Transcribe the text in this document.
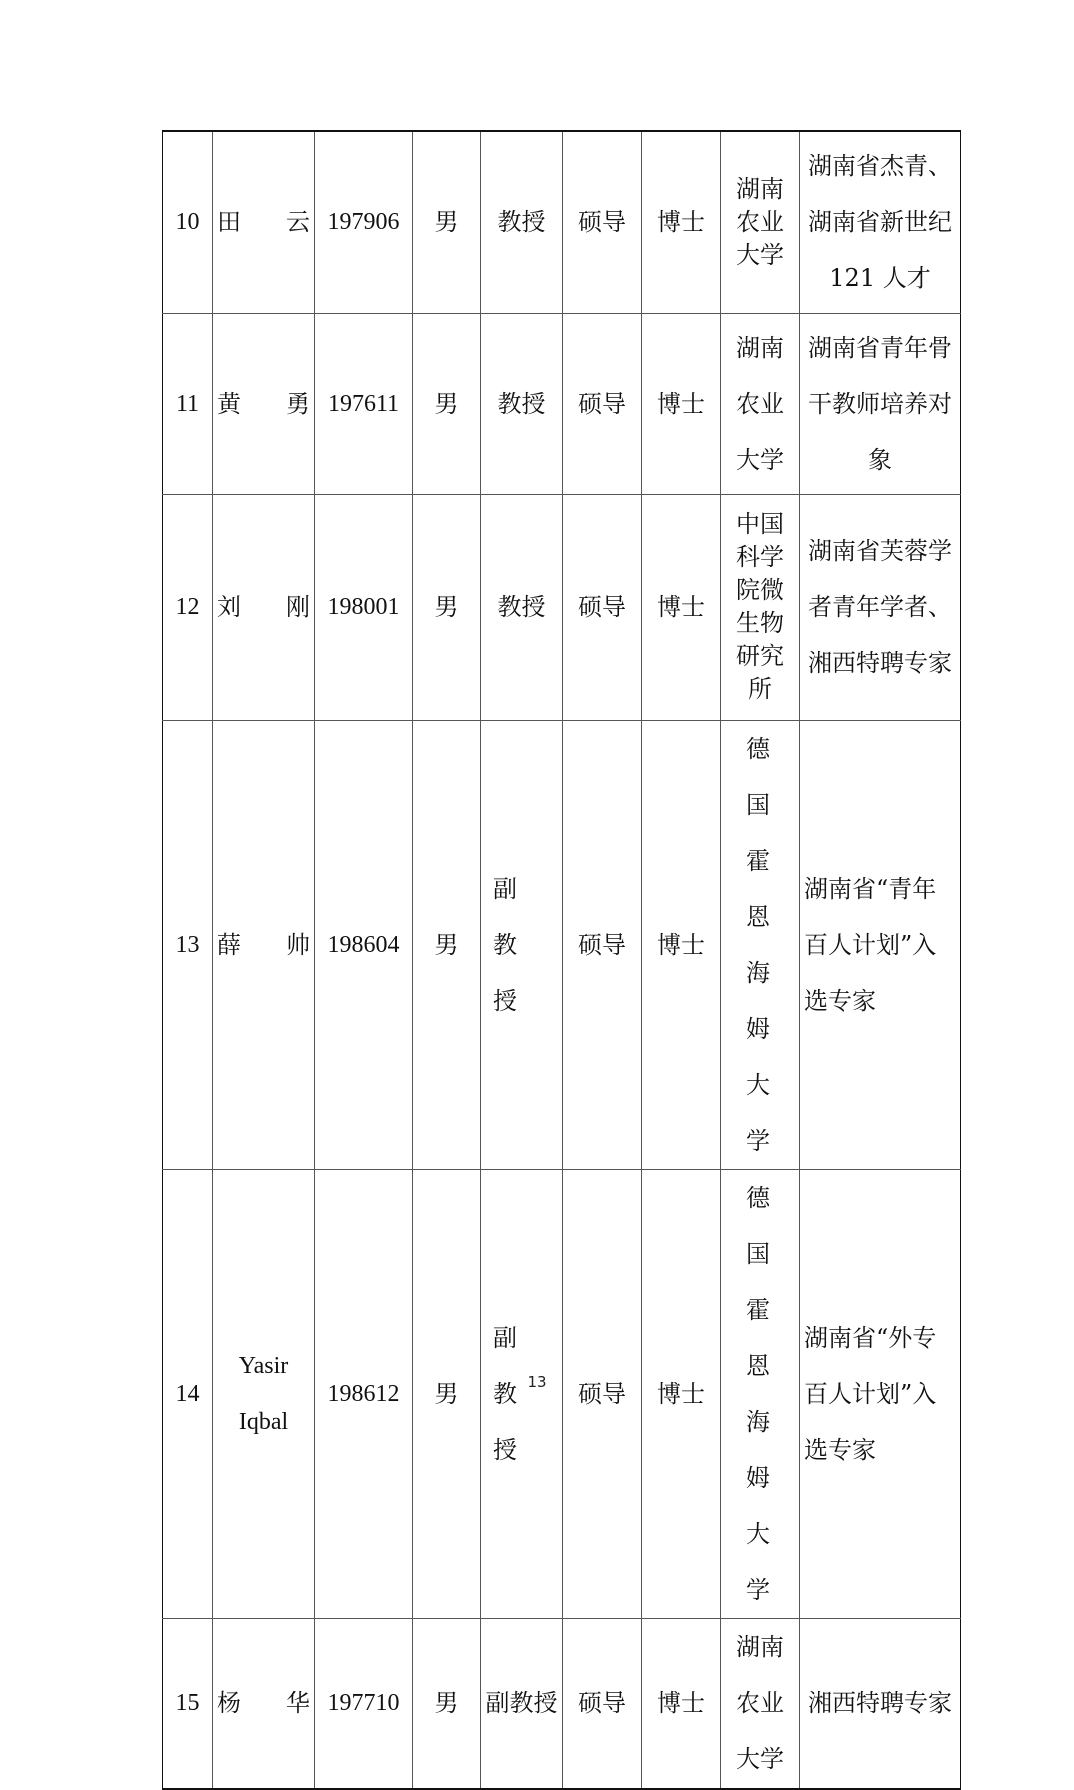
10	田 云	197906	男	教授	硕导	博士	湖南农业大学	湖南省杰青、湖南省新世纪 121 人才
11	黄 勇	197611	男	教授	硕导	博士	湖南农业大学	湖南省青年骨干教师培养对象
12	刘 刚	198001	男	教授	硕导	博士	中国科学院微生物研究所	湖南省芙蓉学者青年学者、湘西特聘专家
13	薛 帅	198604	男	副教授	硕导	博士	德国霍恩海姆大学	湖南省“青年百人计划”入选专家
14	Yasir Iqbal	198612	男	副教授	硕导	博士	德国霍恩海姆大学	湖南省“外专百人计划”入选专家
15	杨 华	197710	男	副教授	硕导	博士	湖南农业大学	湘西特聘专家
13
